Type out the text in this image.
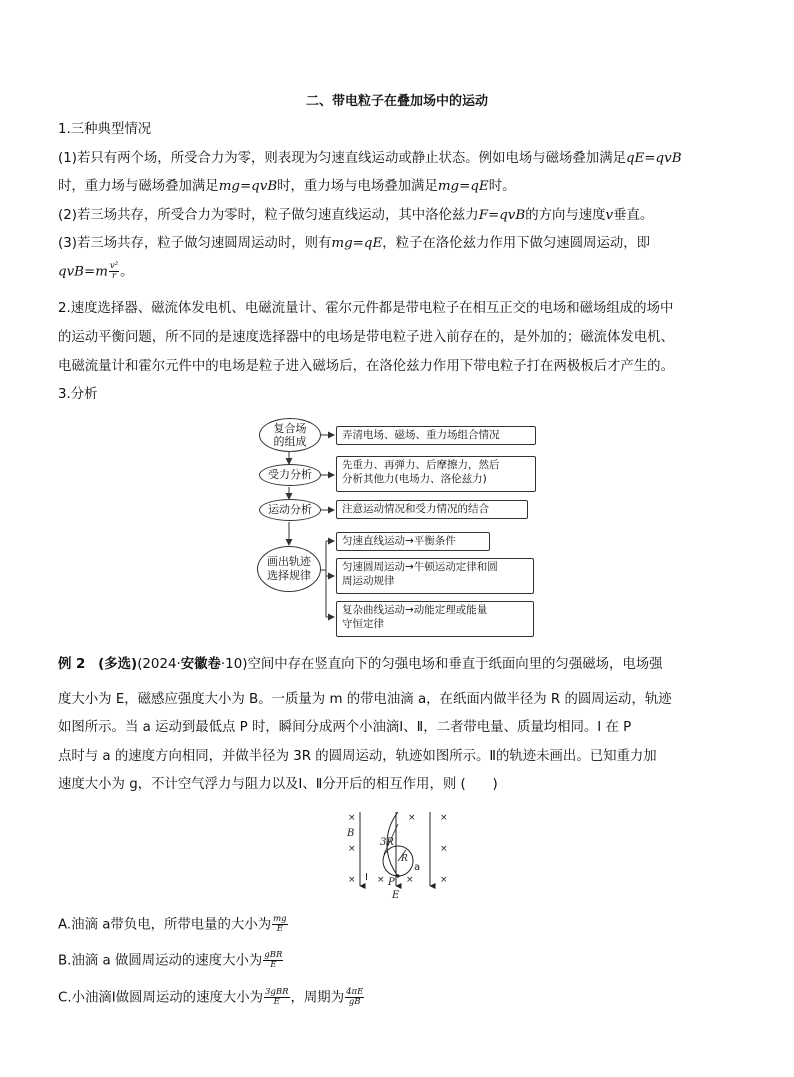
二、带电粒子在叠加场中的运动
1.三种典型情况
(1)若只有两个场，所受合力为零，则表现为匀速直线运动或静止状态。例如电场与磁场叠加满足qE=qvB
时，重力场与磁场叠加满足mg=qvB时，重力场与电场叠加满足mg=qE时。
(2)若三场共存，所受合力为零时，粒子做匀速直线运动，其中洛伦兹力F=qvB的方向与速度v垂直。
(3)若三场共存，粒子做匀速圆周运动时，则有mg=qE，粒子在洛伦兹力作用下做匀速圆周运动，即
$qvB=m \frac{\text{v²}}{r}$ 。
2.速度选择器、磁流体发电机、电磁流量计、霍尔元件都是带电粒子在相互正交的电场和磁场组成的场中
的运动平衡问题，所不同的是速度选择器中的电场是带电粒子进入前存在的，是外加的；磁流体发电机、
电磁流量计和霍尔元件中的电场是粒子进入磁场后，在洛伦兹力作用下带电粒子打在两极板后才产生的。
3.分析
复合场
的组成	弄清电场、磁场、重力场组合情况
受力分析
先重力、再弹力、后摩擦力，然后
分析其他力(电场力、洛伦兹力)
运动分析	注意运动情况和受力情况的结合
画出轨迹
选择规律
匀速直线运动→平衡条件
匀速圆周运动→牛顿运动定律和圆
周运动规律
复杂曲线运动→动能定理或能量
守恒定律
例 2 (多选)(2024·安徽卷·10)空间中存在竖直向下的匀强电场和垂直于纸面向里的匀强磁场，电场强
度大小为 E，磁感应强度大小为 B。一质量为 m 的带电油滴 a，在纸面内做半径为 R 的圆周运动，轨迹
如图所示。当 a 运动到最低点 P 时，瞬间分成两个小油滴Ⅰ、Ⅱ，二者带电量、质量均相同。Ⅰ 在 P
点时与 a 的速度方向相同，并做半径为 3R 的圆周运动，轨迹如图所示。Ⅱ的轨迹未画出。已知重力加
速度大小为 g，不计空气浮力与阻力以及Ⅰ、Ⅱ分开后的相互作用，则 (　　)
×	×	×
×	×
× × ×	×
B
3R
R
P
E
a
Ⅰ
A.油滴 a带负电，所带电量的大小为 $\frac{mg}{E}$
B.油滴 a 做圆周运动的速度大小为 $\frac{\text{gBR}}{E}$
C.小油滴Ⅰ做圆周运动的速度大小为 $\frac{\text{3gBR}}{E}$ ，周期为 $\frac{4\pi E}{gB}$
